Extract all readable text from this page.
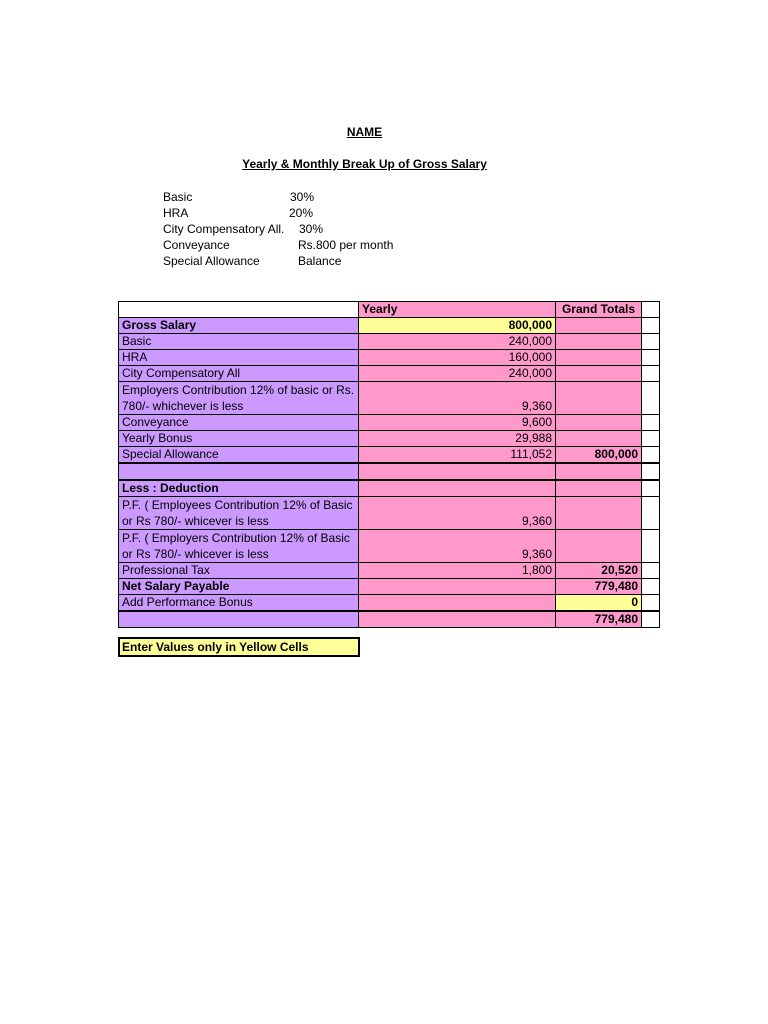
NAME
Yearly & Monthly Break Up of Gross Salary
Basic	30%
HRA	20%
City Compensatory All. 30%
Conveyance	Rs.800 per month
Special Allowance	Balance
	Yearly	Grand Totals	
Gross Salary	800,000		
Basic	240,000		
HRA	160,000		
City Compensatory All	240,000		
Employers Contribution 12% of basic or Rs. 780/- whichever is less	9,360		
Conveyance	9,600		
Yearly Bonus	29,988		
Special Allowance	111,052	800,000	

Less : Deduction			
P.F. ( Employees Contribution 12% of Basic or Rs 780/- whicever is less	9,360		
P.F. ( Employers Contribution 12% of Basic or Rs 780/- whicever is less	9,360		
Professional Tax	1,800	20,520	
Net Salary Payable		779,480	
Add Performance Bonus		0	
		779,480	
Enter Values only in Yellow Cells
